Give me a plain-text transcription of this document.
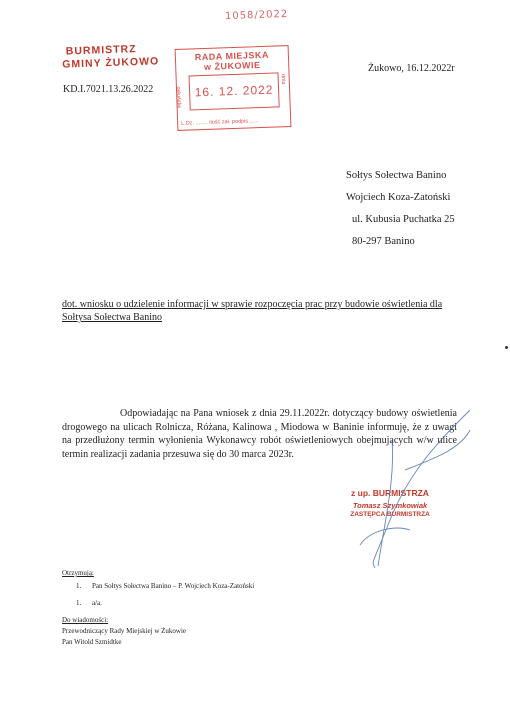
1058/2022
BURMISTRZ
GMINY ŻUKOWO
KD.I.7021.13.26.2022
RADA MIEJSKA
w ŻUKOWIE
16. 12. 2022
wpłynęło
dnia
L.Dz. ........ ilość zał. podpis ......
Żukowo, 16.12.2022r
Sołtys Sołectwa Banino
Wojciech Koza-Zatoński
ul. Kubusia Puchatka 25
80-297 Banino
dot. wniosku o udzielenie informacji w sprawie rozpoczęcia prac przy budowie oświetlenia dla Sołtysa Sołectwa Banino
Odpowiadając na Pana wniosek z dnia 29.11.2022r. dotyczący budowy oświetlenia drogowego na ulicach Rolnicza, Różana, Kalinowa , Miodowa w Baninie informuję, że z uwagi na przedłużony termin wyłonienia Wykonawcy robót oświetleniowych obejmujących w/w ulice termin realizacji zadania przesuwa się do 30 marca 2023r.
z up. BURMISTRZA
Tomasz Szymkowiak
ZASTĘPCA BURMISTRZA
Otrzymują:
1. Pan Sołtys Sołectwa Banino – P. Wojciech Koza-Zatoński
1. a/a.
Do wiadomości:
Przewodniczący Rady Miejskiej w Żukowie
Pan Witold Szmidtke
